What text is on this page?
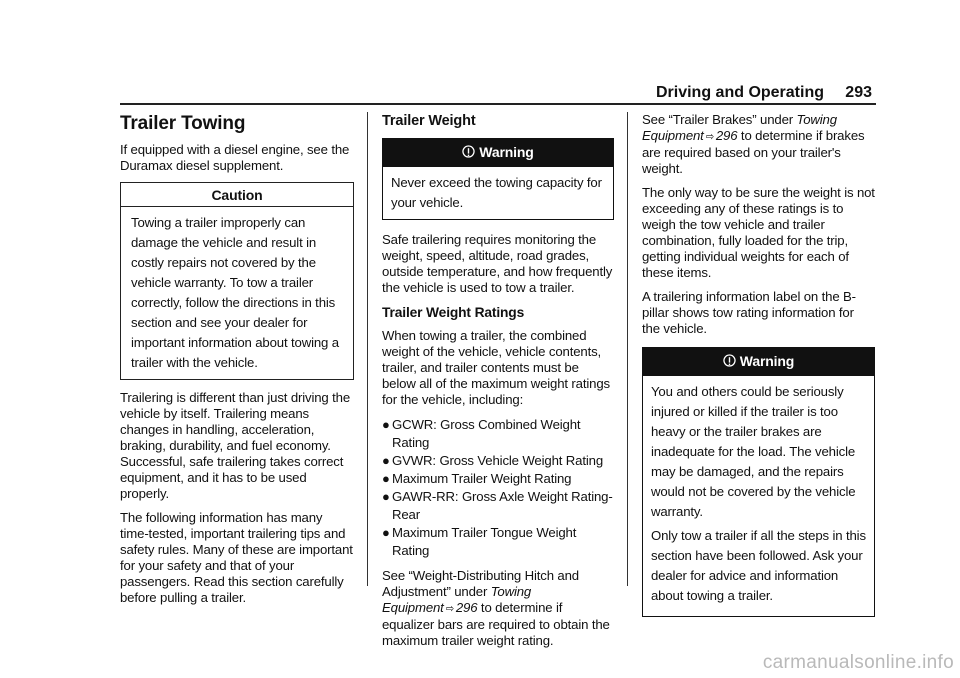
Driving and Operating 293
Trailer Towing

If equipped with a diesel engine, see the Duramax diesel supplement.

Caution
Towing a trailer improperly can damage the vehicle and result in costly repairs not covered by the vehicle warranty. To tow a trailer correctly, follow the directions in this section and see your dealer for important information about towing a trailer with the vehicle.

Trailering is different than just driving the vehicle by itself. Trailering means changes in handling, acceleration, braking, durability, and fuel economy. Successful, safe trailering takes correct equipment, and it has to be used properly.

The following information has many time-tested, important trailering tips and safety rules. Many of these are important for your safety and that of your passengers. Read this section carefully before pulling a trailer.

Trailer Weight
Warning
Never exceed the towing capacity for your vehicle.

Safe trailering requires monitoring the weight, speed, altitude, road grades, outside temperature, and how frequently the vehicle is used to tow a trailer.

Trailer Weight Ratings

When towing a trailer, the combined weight of the vehicle, vehicle contents, trailer, and trailer contents must be below all of the maximum weight ratings for the vehicle, including:

● GCWR: Gross Combined Weight Rating
● GVWR: Gross Vehicle Weight Rating
● Maximum Trailer Weight Rating
● GAWR-RR: Gross Axle Weight Rating-Rear
● Maximum Trailer Tongue Weight Rating

See “Weight-Distributing Hitch and Adjustment” under Towing Equipment ⇨ 296 to determine if equalizer bars are required to obtain the maximum trailer weight rating.

See “Trailer Brakes” under Towing Equipment ⇨ 296 to determine if brakes are required based on your trailer's weight.

The only way to be sure the weight is not exceeding any of these ratings is to weigh the tow vehicle and trailer combination, fully loaded for the trip, getting individual weights for each of these items.

A trailering information label on the B-pillar shows tow rating information for the vehicle.

Warning

You and others could be seriously injured or killed if the trailer is too heavy or the trailer brakes are inadequate for the load. The vehicle may be damaged, and the repairs would not be covered by the vehicle warranty.

Only tow a trailer if all the steps in this section have been followed. Ask your dealer for advice and information about towing a trailer.

carmanualsonline.info
